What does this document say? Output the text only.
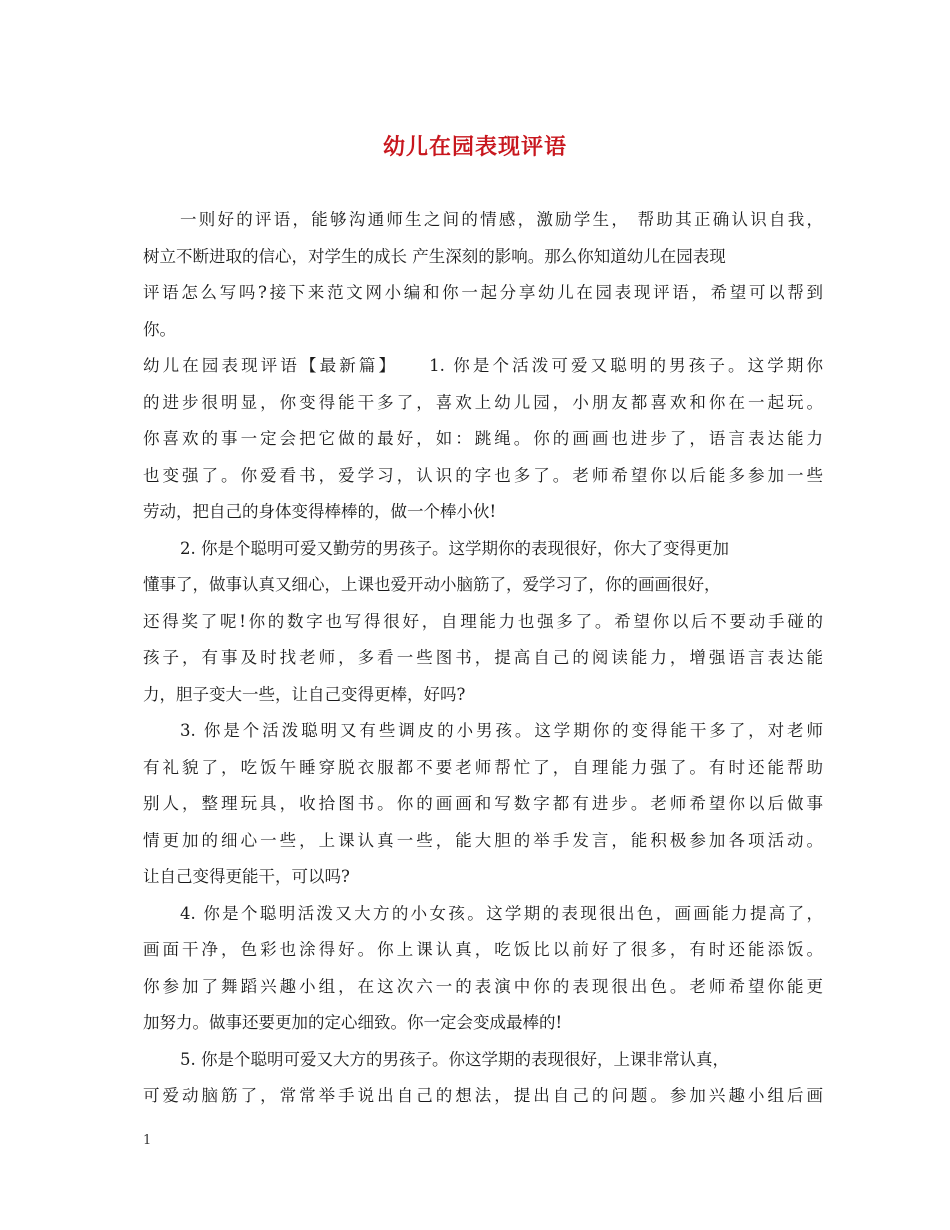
幼儿在园表现评语
一则好的评语，能够沟通师生之间的情感，激励学生， 帮助其正确认识自我，
树立不断进取的信心，对学生的成长 产生深刻的影响。那么你知道幼儿在园表现
评语怎么写吗?接下来范文网小编和你一起分享幼儿在园表现评语，希望可以帮到
你。
幼儿在园表现评语【最新篇】　　1. 你是个活泼可爱又聪明的男孩子。这学期你
的进步很明显，你变得能干多了，喜欢上幼儿园，小朋友都喜欢和你在一起玩。
你喜欢的事一定会把它做的最好，如：跳绳。你的画画也进步了，语言表达能力
也变强了。你爱看书，爱学习，认识的字也多了。老师希望你以后能多参加一些
劳动，把自己的身体变得棒棒的，做一个棒小伙!
2. 你是个聪明可爱又勤劳的男孩子。这学期你的表现很好，你大了变得更加
懂事了，做事认真又细心，上课也爱开动小脑筋了，爱学习了，你的画画很好，
还得奖了呢!你的数字也写得很好，自理能力也强多了。希望你以后不要动手碰的
孩子，有事及时找老师，多看一些图书，提高自己的阅读能力，增强语言表达能
力，胆子变大一些，让自己变得更棒，好吗?
3. 你是个活泼聪明又有些调皮的小男孩。这学期你的变得能干多了，对老师
有礼貌了，吃饭午睡穿脱衣服都不要老师帮忙了，自理能力强了。有时还能帮助
别人，整理玩具，收拾图书。你的画画和写数字都有进步。老师希望你以后做事
情更加的细心一些，上课认真一些，能大胆的举手发言，能积极参加各项活动。
让自己变得更能干，可以吗?
4. 你是个聪明活泼又大方的小女孩。这学期的表现很出色，画画能力提高了，
画面干净，色彩也涂得好。你上课认真，吃饭比以前好了很多，有时还能添饭。
你参加了舞蹈兴趣小组，在这次六一的表演中你的表现很出色。老师希望你能更
加努力。做事还要更加的定心细致。你一定会变成最棒的!
5. 你是个聪明可爱又大方的男孩子。你这学期的表现很好，上课非常认真，
可爱动脑筋了，常常举手说出自己的想法，提出自己的问题。参加兴趣小组后画
1
